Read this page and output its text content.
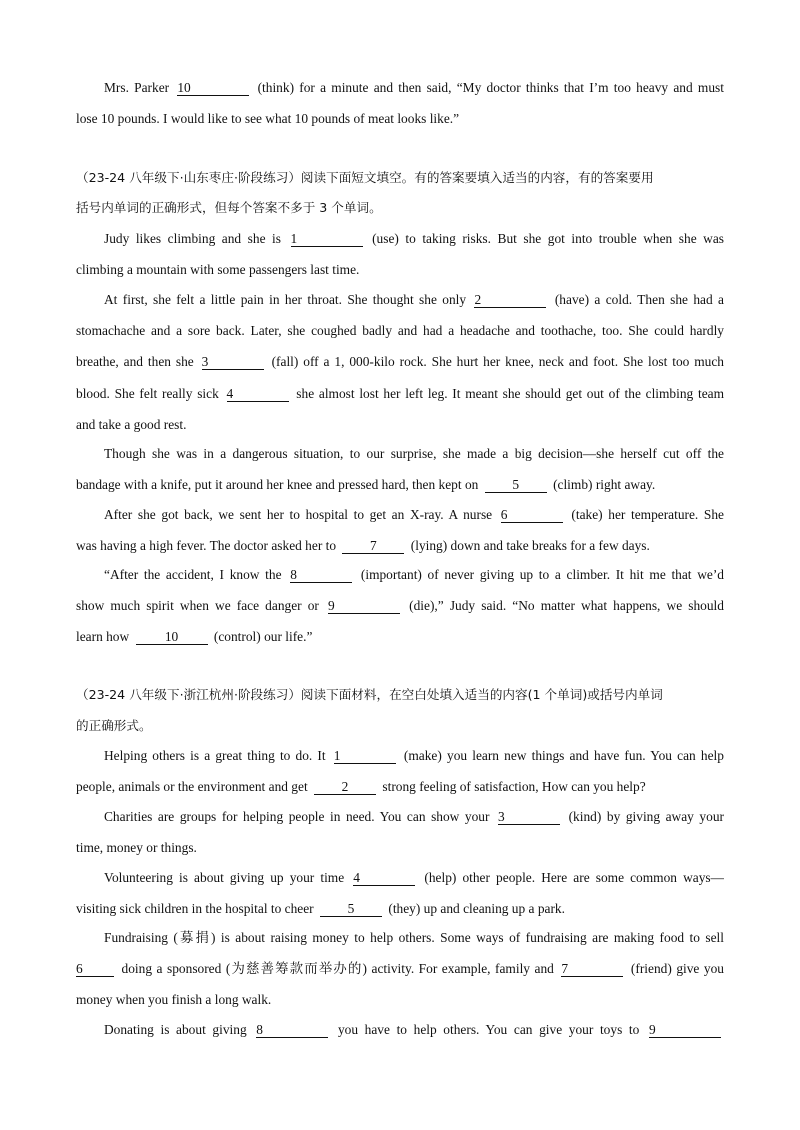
Mrs. Parker 10	(think) for a minute and then said, “My doctor thinks that I’m too heavy and must
lose 10 pounds. I would like to see what 10 pounds of meat looks like.”
（23-24 八年级下·山东枣庄·阶段练习）阅读下面短文填空。有的答案要填入适当的内容，有的答案要用
括号内单词的正确形式，但每个答案不多于 3 个单词。
Judy likes climbing and she is 1	(use) to taking risks. But she got into trouble when she was
climbing a mountain with some passengers last time.
At first, she felt a little pain in her throat. She thought she only 2	(have) a cold. Then she had a
stomachache and a sore back. Later, she coughed badly and had a headache and toothache, too. She could hardly
breathe, and then she 3	(fall) off a 1, 000-kilo rock. She hurt her knee, neck and foot. She lost too much
blood. She felt really sick 4	she almost lost her left leg. It meant she should get out of the climbing team
and take a good rest.
Though she was in a dangerous situation, to our surprise, she made a big decision—she herself cut off the
bandage with a knife, put it around her knee and pressed hard, then kept on	5	(climb) right away.
After she got back, we sent her to hospital to get an X-ray. A nurse 6	(take) her temperature. She
was having a high fever. The doctor asked her to	7	(lying) down and take breaks for a few days.
“After the accident, I know the 8	(important) of never giving up to a climber. It hit me that we’d
show much spirit when we face danger or 9	(die),” Judy said. “No matter what happens, we should
learn how	10	(control) our life.”
（23-24 八年级下·浙江杭州·阶段练习）阅读下面材料，在空白处填入适当的内容(1 个单词)或括号内单词
的正确形式。
Helping others is a great thing to do. It 1	(make) you learn new things and have fun. You can help
people, animals or the environment and get	2	strong feeling of satisfaction, How can you help?
Charities are groups for helping people in need. You can show your 3	(kind) by giving away your
time, money or things.
Volunteering is about giving up your time 4	(help) other people. Here are some common ways—
visiting sick children in the hospital to cheer	5	(they) up and cleaning up a park.
Fundraising (募捐) is about raising money to help others. Some ways of fundraising are making food to sell
6	doing a sponsored (为慈善筹款而举办的) activity. For example, family and 7	(friend) give you
money when you finish a long walk.
Donating is about giving 8	you have to help others. You can give your toys to 9
